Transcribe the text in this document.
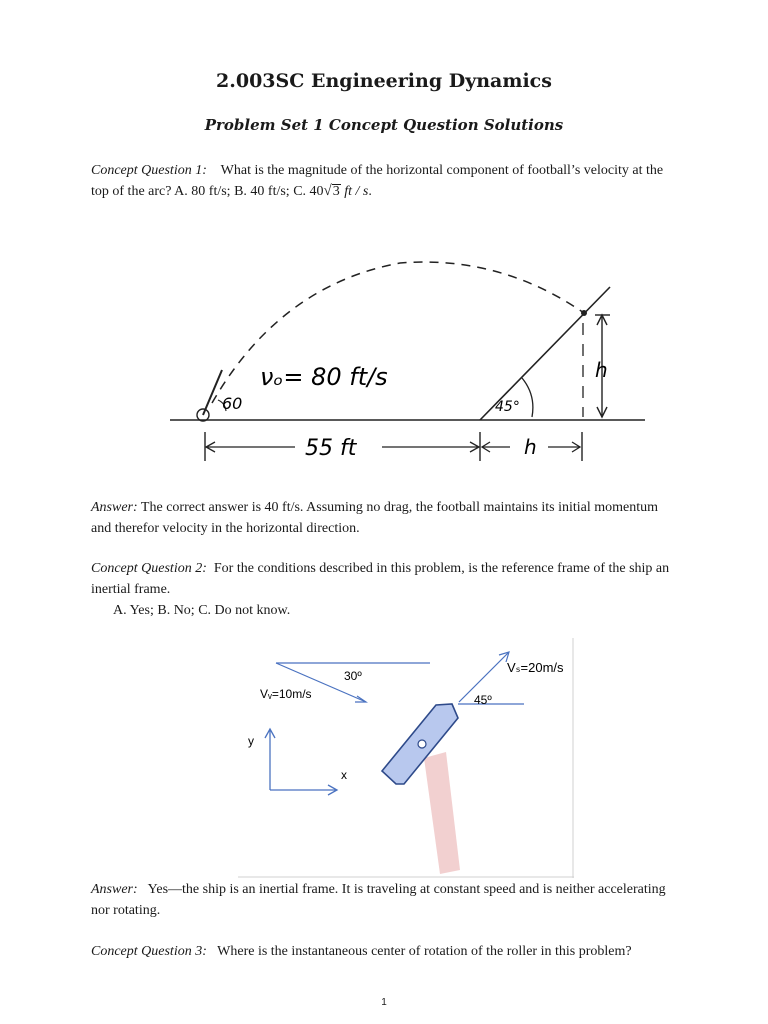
2.003SC Engineering Dynamics
Problem Set 1 Concept Question Solutions
Concept Question 1: What is the magnitude of the horizontal component of football’s velocity at the top of the arc? A. 80 ft/s; B. 40 ft/s; C. 40√3 ft / s.
60
νₒ= 80 ft/s
45°
h
55 ft	h
Answer: The correct answer is 40 ft/s. Assuming no drag, the football maintains its initial momentum and therefor velocity in the horizontal direction.
Concept Question 2: For the conditions described in this problem, is the reference frame of the ship an inertial frame.
A. Yes; B. No; C. Do not know.
30º
Vᵥ=10m/s
y
x
Vₛ=20m/s
45º
Answer: Yes—the ship is an inertial frame. It is traveling at constant speed and is neither accelerating nor rotating.
Concept Question 3: Where is the instantaneous center of rotation of the roller in this problem?
1
